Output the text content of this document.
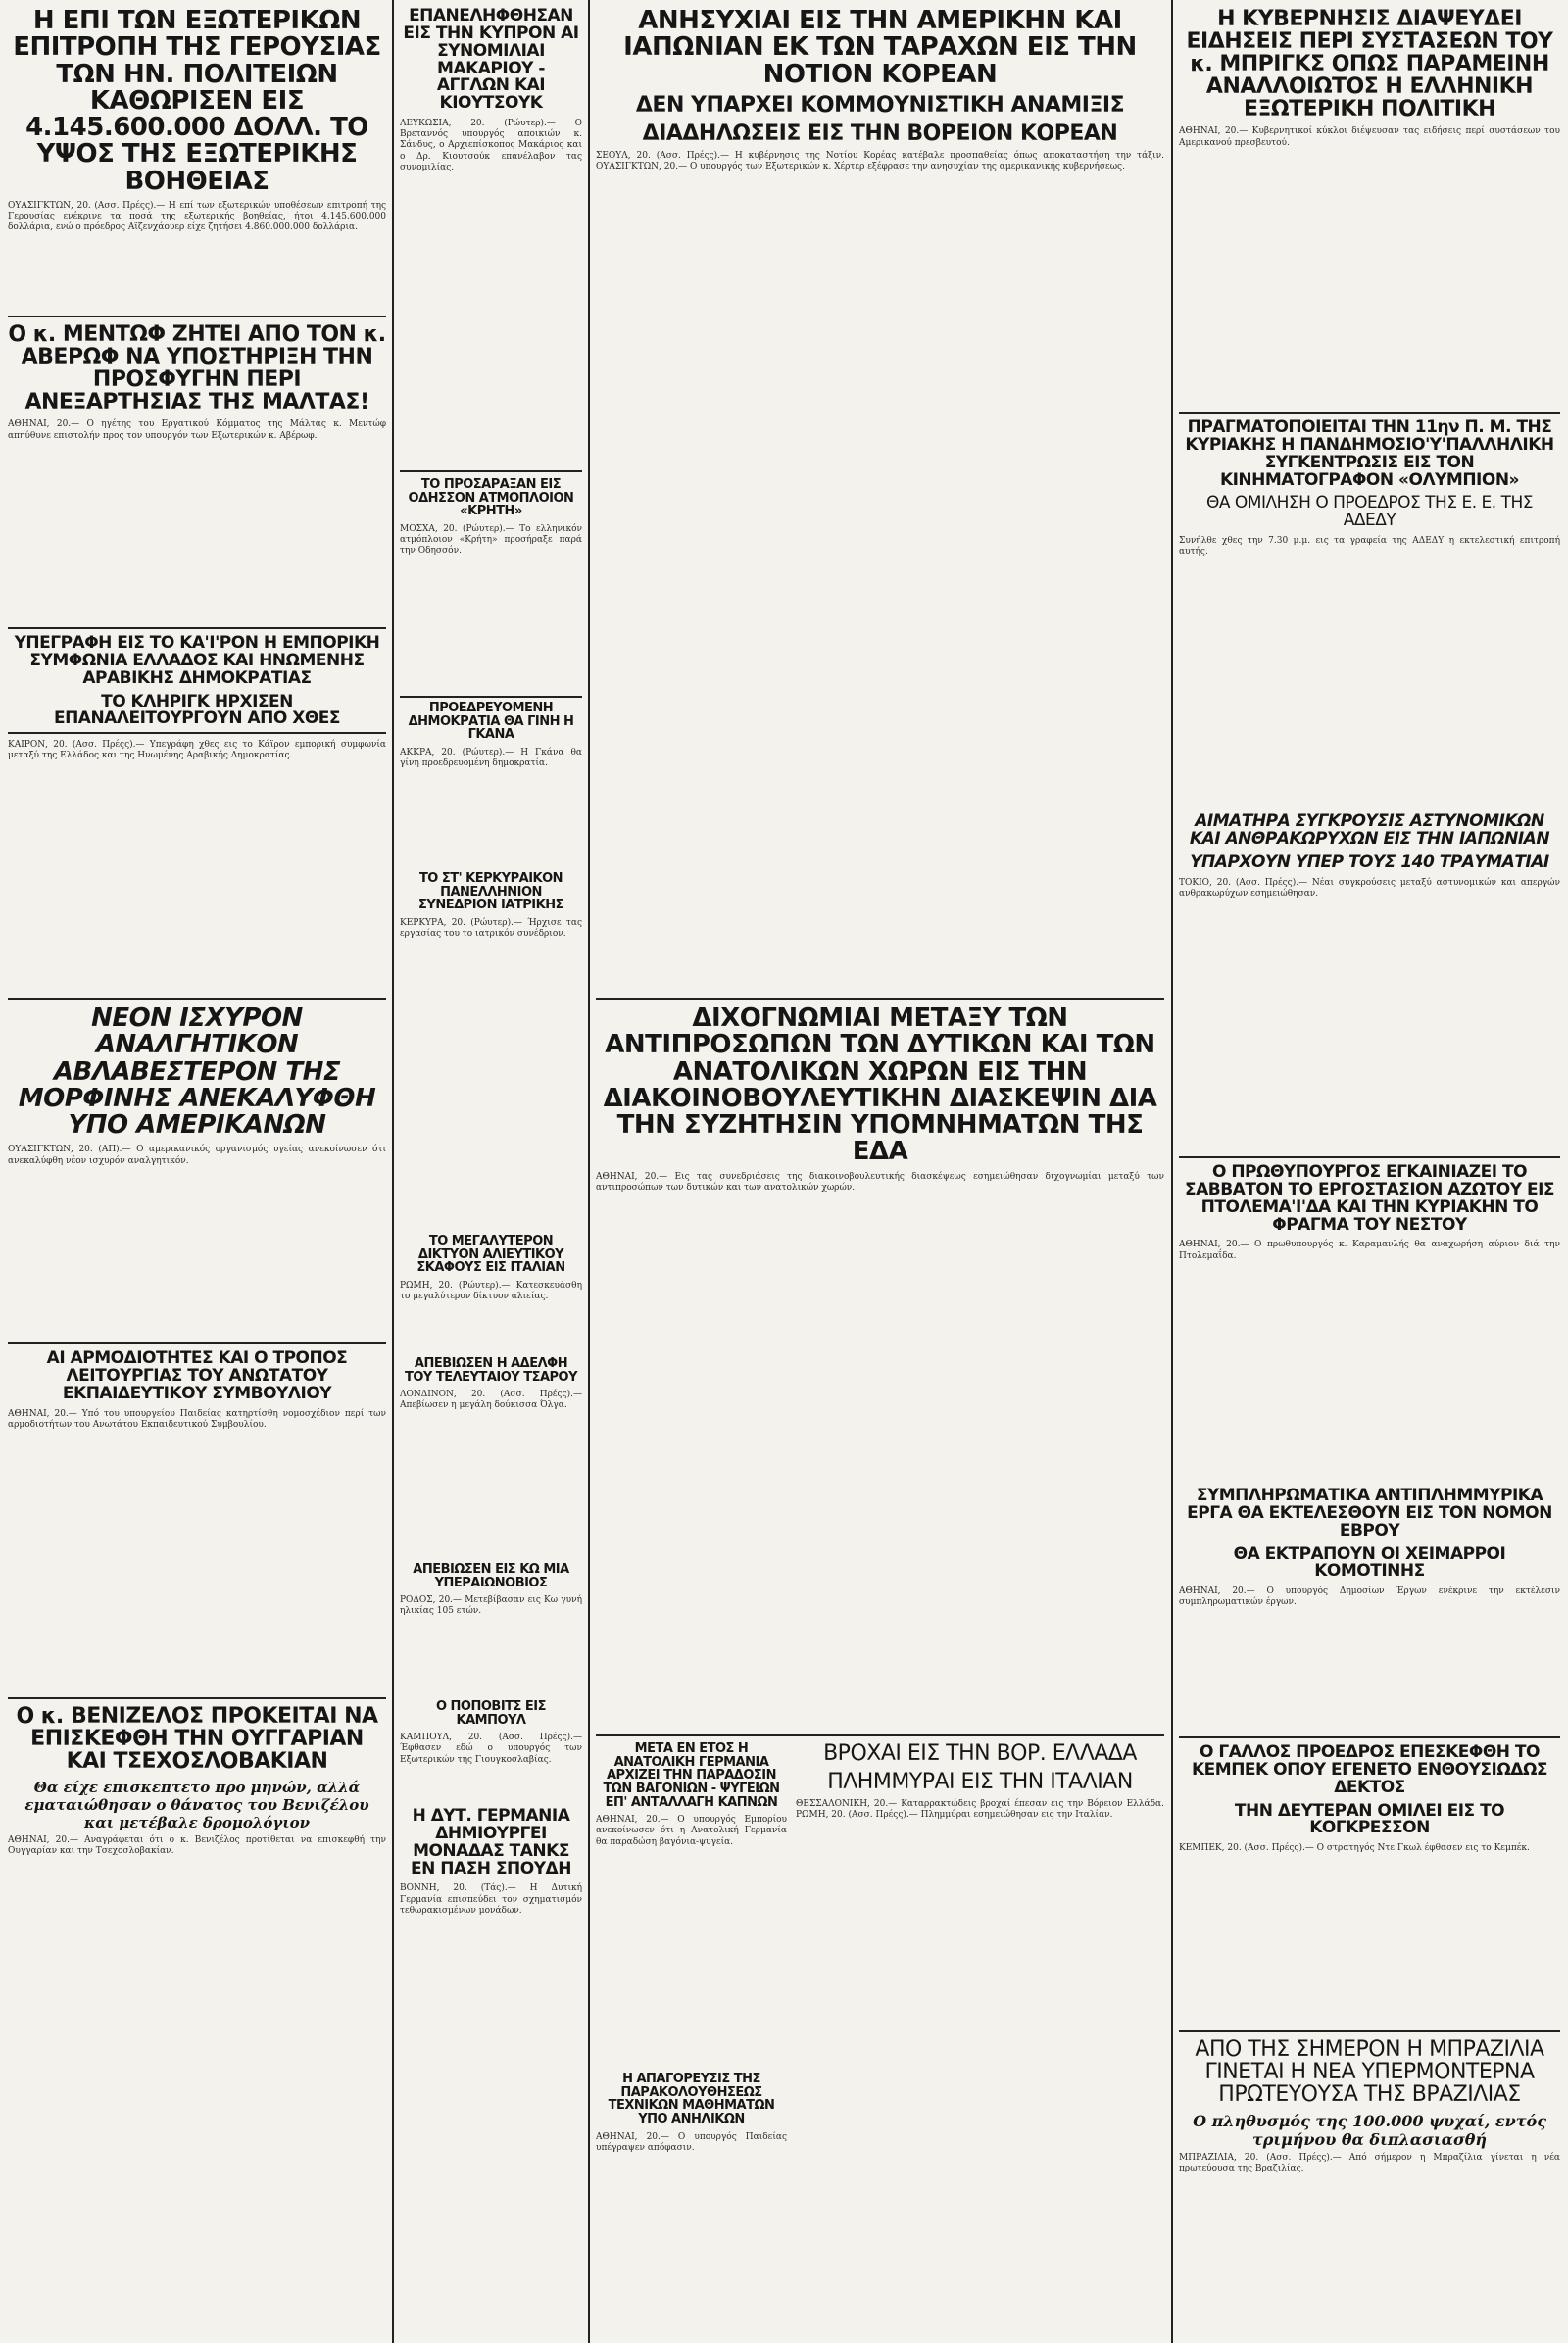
Η ΕΠΙ ΤΩΝ ΕΞΩΤΕΡΙΚΩΝ ΕΠΙΤΡΟΠΗ ΤΗΣ ΓΕΡΟΥΣΙΑΣ ΤΩΝ ΗΝ. ΠΟΛΙΤΕΙΩΝ ΚΑΘΩΡΙΣΕΝ ΕΙΣ 4.145.600.000 ΔΟΛΛ. ΤΟ ΥΨΟΣ ΤΗΣ ΕΞΩΤΕΡΙΚΗΣ ΒΟΗΘΕΙΑΣ

ΟΥΑΣΙΓΚΤΩΝ, 20. (Ασσ. Πρέςς).— Η επί των εξωτερικών υποθέσεων επιτροπή της Γερουσίας ενέκρινε τα ποσά της εξωτερικής βοηθείας, ήτοι 4.145.600.000 δολλάρια, ενώ ο πρόεδρος Αϊζενχάουερ είχε ζητήσει 4.860.000.000 δολλάρια.

Ο κ. ΜΕΝΤΩΦ ΖΗΤΕΙ ΑΠΟ ΤΟΝ κ. ΑΒΕΡΩΦ ΝΑ ΥΠΟΣΤΗΡΙΞΗ ΤΗΝ ΠΡΟΣΦΥΓΗΝ ΠΕΡΙ ΑΝΕΞΑΡΤΗΣΙΑΣ ΤΗΣ ΜΑΛΤΑΣ!

ΑΘΗΝΑΙ, 20.— Ο ηγέτης του Εργατικού Κόμματος της Μάλτας κ. Μεντώφ απηύθυνε επιστολήν προς τον υπουργόν των Εξωτερικών κ. Αβέρωφ.

ΥΠΕΓΡΑΦΗ ΕΙΣ ΤΟ ΚΑ'Ι'ΡΟΝ Η ΕΜΠΟΡΙΚΗ ΣΥΜΦΩΝΙΑ ΕΛΛΑΔΟΣ ΚΑΙ ΗΝΩΜΕΝΗΣ ΑΡΑΒΙΚΗΣ ΔΗΜΟΚΡΑΤΙΑΣ
ΤΟ ΚΛΗΡΙΓΚ ΗΡΧΙΣΕΝ ΕΠΑΝΑΛΕΙΤΟΥΡΓΟΥΝ ΑΠΟ ΧΘΕΣ

ΚΑΙΡΟΝ, 20. (Ασσ. Πρέςς).— Υπεγράφη χθες εις το Κάϊρον εμπορική συμφωνία μεταξύ της Ελλάδος και της Ηνωμένης Αραβικής Δημοκρατίας.

ΝΕΟΝ ΙΣΧΥΡΟΝ ΑΝΑΛΓΗΤΙΚΟΝ ΑΒΛΑΒΕΣΤΕΡΟΝ ΤΗΣ ΜΟΡΦΙΝΗΣ ΑΝΕΚΑΛΥΦΘΗ ΥΠΟ ΑΜΕΡΙΚΑΝΩΝ

ΟΥΑΣΙΓΚΤΩΝ, 20. (ΑΠ).— Ο αμερικανικός οργανισμός υγείας ανεκοίνωσεν ότι ανεκαλύφθη νέον ισχυρόν αναλγητικόν.

ΑΙ ΑΡΜΟΔΙΟΤΗΤΕΣ ΚΑΙ Ο ΤΡΟΠΟΣ ΛΕΙΤΟΥΡΓΙΑΣ ΤΟΥ ΑΝΩΤΑΤΟΥ ΕΚΠΑΙΔΕΥΤΙΚΟΥ ΣΥΜΒΟΥΛΙΟΥ

ΑΘΗΝΑΙ, 20.— Υπό του υπουργείου Παιδείας κατηρτίσθη νομοσχέδιον περί των αρμοδιοτήτων του Ανωτάτου Εκπαιδευτικού Συμβουλίου.

Ο κ. ΒΕΝΙΖΕΛΟΣ ΠΡΟΚΕΙΤΑΙ ΝΑ ΕΠΙΣΚΕΦΘΗ ΤΗΝ ΟΥΓΓΑΡΙΑΝ ΚΑΙ ΤΣΕΧΟΣΛΟΒΑΚΙΑΝ

Θα είχε επισκεπτετο προ μηνών, αλλά εματαιώθησαν ο θάνατος του Βενιζέλου και μετέβαλε δρομολόγιον

ΑΘΗΝΑΙ, 20.— Αναγράφεται ότι ο κ. Βενιζέλος προτίθεται να επισκεφθή την Ουγγαρίαν και την Τσεχοσλοβακίαν.

ΕΠΑΝΕΛΗΦΘΗΣΑΝ ΕΙΣ ΤΗΝ ΚΥΠΡΟΝ ΑΙ ΣΥΝΟΜΙΛΙΑΙ ΜΑΚΑΡΙΟΥ - ΑΓΓΛΩΝ ΚΑΙ ΚΙΟΥΤΣΟΥΚ

ΛΕΥΚΩΣΙΑ, 20. (Ρώυτερ).— Ο Βρεταννός υπουργός αποικιών κ. Σάνδυς, ο Αρχιεπίσκοπος Μακάριος και ο Δρ. Κιουτσούκ επανέλαβον τας συνομιλίας.

ΤΟ ΠΡΟΣΑΡΑΞΑΝ ΕΙΣ ΟΔΗΣΣΟΝ ΑΤΜΟΠΛΟΙΟΝ «ΚΡΗΤΗ»

ΜΟΣΧΑ, 20. (Ρώυτερ).— Το ελληνικόν ατμόπλοιον «Κρήτη» προσήραξε παρά την Οδησσόν.

ΠΡΟΕΔΡΕΥΟΜΕΝΗ ΔΗΜΟΚΡΑΤΙΑ ΘΑ ΓΙΝΗ Η ΓΚΑΝΑ

ΑΚΚΡΑ, 20. (Ρώυτερ).— Η Γκάνα θα γίνη προεδρευομένη δημοκρατία.

ΤΟ ΣΤ' ΚΕΡΚΥΡΑΙΚΟΝ ΠΑΝΕΛΛΗΝΙΟΝ ΣΥΝΕΔΡΙΟΝ ΙΑΤΡΙΚΗΣ

ΚΕΡΚΥΡΑ, 20. (Ρώυτερ).— Ήρχισε τας εργασίας του το ιατρικόν συνέδριον.

ΤΟ ΜΕΓΑΛΥΤΕΡΟΝ ΔΙΚΤΥΟΝ ΑΛΙΕΥΤΙΚΟΥ ΣΚΑΦΟΥΣ ΕΙΣ ΙΤΑΛΙΑΝ

ΡΩΜΗ, 20. (Ρώυτερ).— Κατεσκευάσθη το μεγαλύτερον δίκτυον αλιείας.

ΑΠΕΒΙΩΣΕΝ Η ΑΔΕΛΦΗ ΤΟΥ ΤΕΛΕΥΤΑΙΟΥ ΤΣΑΡΟΥ

ΛΟΝΔΙΝΟΝ, 20. (Ασσ. Πρέςς).— Απεβίωσεν η μεγάλη δούκισσα Όλγα.

ΑΠΕΒΙΩΣΕΝ ΕΙΣ ΚΩ ΜΙΑ ΥΠΕΡΑΙΩΝΟΒΙΟΣ

ΡΟΔΟΣ, 20.— Μετεβίβασαν εις Κω γυνή ηλικίας 105 ετών.

Ο ΠΟΠΟΒΙΤΣ ΕΙΣ ΚΑΜΠΟΥΛ

ΚΑΜΠΟΥΛ, 20. (Ασσ. Πρέςς).— Έφθασεν εδώ ο υπουργός των Εξωτερικών της Γιουγκοσλαβίας.

Η ΔΥΤ. ΓΕΡΜΑΝΙΑ ΔΗΜΙΟΥΡΓΕΙ ΜΟΝΑΔΑΣ ΤΑΝΚΣ ΕΝ ΠΑΣΗ ΣΠΟΥΔΗ

ΒΟΝΝΗ, 20. (Τάς).— Η Δυτική Γερμανία επισπεύδει τον σχηματισμόν τεθωρακισμένων μονάδων.

ΑΝΗΣΥΧΙΑΙ ΕΙΣ ΤΗΝ ΑΜΕΡΙΚΗΝ ΚΑΙ ΙΑΠΩΝΙΑΝ ΕΚ ΤΩΝ ΤΑΡΑΧΩΝ ΕΙΣ ΤΗΝ ΝΟΤΙΟΝ ΚΟΡΕΑΝ
ΔΕΝ ΥΠΑΡΧΕΙ ΚΟΜΜΟΥΝΙΣΤΙΚΗ ΑΝΑΜΙΞΙΣ
ΔΙΑΔΗΛΩΣΕΙΣ ΕΙΣ ΤΗΝ ΒΟΡΕΙΟΝ ΚΟΡΕΑΝ

ΣΕΟΥΛ, 20. (Ασσ. Πρέςς).— Η κυβέρνησις της Νοτίου Κορέας κατέβαλε προσπαθείας όπως αποκαταστήση την τάξιν. ΟΥΑΣΙΓΚΤΩΝ, 20.— Ο υπουργός των Εξωτερικών κ. Χέρτερ εξέφρασε την ανησυχίαν της αμερικανικής κυβερνήσεως.

ΔΙΧΟΓΝΩΜΙΑΙ ΜΕΤΑΞΥ ΤΩΝ ΑΝΤΙΠΡΟΣΩΠΩΝ ΤΩΝ ΔΥΤΙΚΩΝ ΚΑΙ ΤΩΝ ΑΝΑΤΟΛΙΚΩΝ ΧΩΡΩΝ ΕΙΣ ΤΗΝ ΔΙΑΚΟΙΝΟΒΟΥΛΕΥΤΙΚΗΝ ΔΙΑΣΚΕΨΙΝ ΔΙΑ ΤΗΝ ΣΥΖΗΤΗΣΙΝ ΥΠΟΜΝΗΜΑΤΩΝ ΤΗΣ ΕΔΑ

ΑΘΗΝΑΙ, 20.— Εις τας συνεδριάσεις της διακοινοβουλευτικής διασκέψεως εσημειώθησαν διχογνωμίαι μεταξύ των αντιπροσώπων των δυτικών και των ανατολικών χωρών.

ΜΕΤΑ ΕΝ ΕΤΟΣ Η ΑΝΑΤΟΛΙΚΗ ΓΕΡΜΑΝΙΑ ΑΡΧΙΖΕΙ ΤΗΝ ΠΑΡΑΔΟΣΙΝ ΤΩΝ ΒΑΓΟΝΙΩΝ - ΨΥΓΕΙΩΝ ΕΠ' ΑΝΤΑΛΛΑΓΗ ΚΑΠΝΩΝ

ΑΘΗΝΑΙ, 20.— Ο υπουργός Εμπορίου ανεκοίνωσεν ότι η Ανατολική Γερμανία θα παραδώση βαγόνια-ψυγεία.

Η ΑΠΑΓΟΡΕΥΣΙΣ ΤΗΣ ΠΑΡΑΚΟΛΟΥΘΗΣΕΩΣ ΤΕΧΝΙΚΩΝ ΜΑΘΗΜΑΤΩΝ ΥΠΟ ΑΝΗΛΙΚΩΝ

ΑΘΗΝΑΙ, 20.— Ο υπουργός Παιδείας υπέγραψεν απόφασιν.

ΒΡΟΧΑΙ ΕΙΣ ΤΗΝ ΒΟΡ. ΕΛΛΑΔΑ
ΠΛΗΜΜΥΡΑΙ ΕΙΣ ΤΗΝ ΙΤΑΛΙΑΝ

ΘΕΣΣΑΛΟΝΙΚΗ, 20.— Καταρρακτώδεις βροχαί έπεσαν εις την Βόρειον Ελλάδα. ΡΩΜΗ, 20. (Ασσ. Πρέςς).— Πλημμύραι εσημειώθησαν εις την Ιταλίαν.

Η ΚΥΒΕΡΝΗΣΙΣ ΔΙΑΨΕΥΔΕΙ ΕΙΔΗΣΕΙΣ ΠΕΡΙ ΣΥΣΤΑΣΕΩΝ ΤΟΥ κ. ΜΠΡΙΓΚΣ ΟΠΩΣ ΠΑΡΑΜΕΙΝΗ ΑΝΑΛΛΟΙΩΤΟΣ Η ΕΛΛΗΝΙΚΗ ΕΞΩΤΕΡΙΚΗ ΠΟΛΙΤΙΚΗ

ΑΘΗΝΑΙ, 20.— Κυβερνητικοί κύκλοι διέψευσαν τας ειδήσεις περί συστάσεων του Αμερικανού πρεσβευτού.

ΠΡΑΓΜΑΤΟΠΟΙΕΙΤΑΙ ΤΗΝ 11ην Π. Μ. ΤΗΣ ΚΥΡΙΑΚΗΣ Η ΠΑΝΔΗΜΟΣΙΟ'Υ'ΠΑΛΛΗΛΙΚΗ ΣΥΓΚΕΝΤΡΩΣΙΣ ΕΙΣ ΤΟΝ ΚΙΝΗΜΑΤΟΓΡΑΦΟΝ «ΟΛΥΜΠΙΟΝ»
ΘΑ ΟΜΙΛΗΣΗ Ο ΠΡΟΕΔΡΟΣ ΤΗΣ Ε. Ε. ΤΗΣ ΑΔΕΔΥ

Συνήλθε χθες την 7.30 μ.μ. εις τα γραφεία της ΑΔΕΔΥ η εκτελεστική επιτροπή αυτής.

ΑΙΜΑΤΗΡΑ ΣΥΓΚΡΟΥΣΙΣ ΑΣΤΥΝΟΜΙΚΩΝ ΚΑΙ ΑΝΘΡΑΚΩΡΥΧΩΝ ΕΙΣ ΤΗΝ ΙΑΠΩΝΙΑΝ
ΥΠΑΡΧΟΥΝ ΥΠΕΡ ΤΟΥΣ 140 ΤΡΑΥΜΑΤΙΑΙ

ΤΟΚΙΟ, 20. (Ασσ. Πρέςς).— Νέαι συγκρούσεις μεταξύ αστυνομικών και απεργών ανθρακωρύχων εσημειώθησαν.

Ο ΠΡΩΘΥΠΟΥΡΓΟΣ ΕΓΚΑΙΝΙΑΖΕΙ ΤΟ ΣΑΒΒΑΤΟΝ ΤΟ ΕΡΓΟΣΤΑΣΙΟΝ ΑΖΩΤΟΥ ΕΙΣ ΠΤΟΛΕΜΑ'Ι'ΔΑ ΚΑΙ ΤΗΝ ΚΥΡΙΑΚΗΝ ΤΟ ΦΡΑΓΜΑ ΤΟΥ ΝΕΣΤΟΥ

ΑΘΗΝΑΙ, 20.— Ο πρωθυπουργός κ. Καραμανλής θα αναχωρήση αύριον διά την Πτολεμαΐδα.

ΣΥΜΠΛΗΡΩΜΑΤΙΚΑ ΑΝΤΙΠΛΗΜΜΥΡΙΚΑ ΕΡΓΑ ΘΑ ΕΚΤΕΛΕΣΘΟΥΝ ΕΙΣ ΤΟΝ ΝΟΜΟΝ ΕΒΡΟΥ
ΘΑ ΕΚΤΡΑΠΟΥΝ ΟΙ ΧΕΙΜΑΡΡΟΙ ΚΟΜΟΤΙΝΗΣ

ΑΘΗΝΑΙ, 20.— Ο υπουργός Δημοσίων Έργων ενέκρινε την εκτέλεσιν συμπληρωματικών έργων.

Ο ΓΑΛΛΟΣ ΠΡΟΕΔΡΟΣ ΕΠΕΣΚΕΦΘΗ ΤΟ ΚΕΜΠΕΚ ΟΠΟΥ ΕΓΕΝΕΤΟ ΕΝΘΟΥΣΙΩΔΩΣ ΔΕΚΤΟΣ
ΤΗΝ ΔΕΥΤΕΡΑΝ ΟΜΙΛΕΙ ΕΙΣ ΤΟ ΚΟΓΚΡΕΣΣΟΝ

ΚΕΜΠΕΚ, 20. (Ασσ. Πρέςς).— Ο στρατηγός Ντε Γκωλ έφθασεν εις το Κεμπέκ.

ΑΠΟ ΤΗΣ ΣΗΜΕΡΟΝ Η ΜΠΡΑΖΙΛΙΑ ΓΙΝΕΤΑΙ Η ΝΕΑ ΥΠΕΡΜΟΝΤΕΡΝΑ ΠΡΩΤΕΥΟΥΣΑ ΤΗΣ ΒΡΑΖΙΛΙΑΣ

Ο πληθυσμός της 100.000 ψυχαί, εντός τριμήνου θα διπλασιασθή

ΜΠΡΑΖΙΛΙΑ, 20. (Ασσ. Πρέςς).— Από σήμερον η Μπραζίλια γίνεται η νέα πρωτεύουσα της Βραζιλίας.
